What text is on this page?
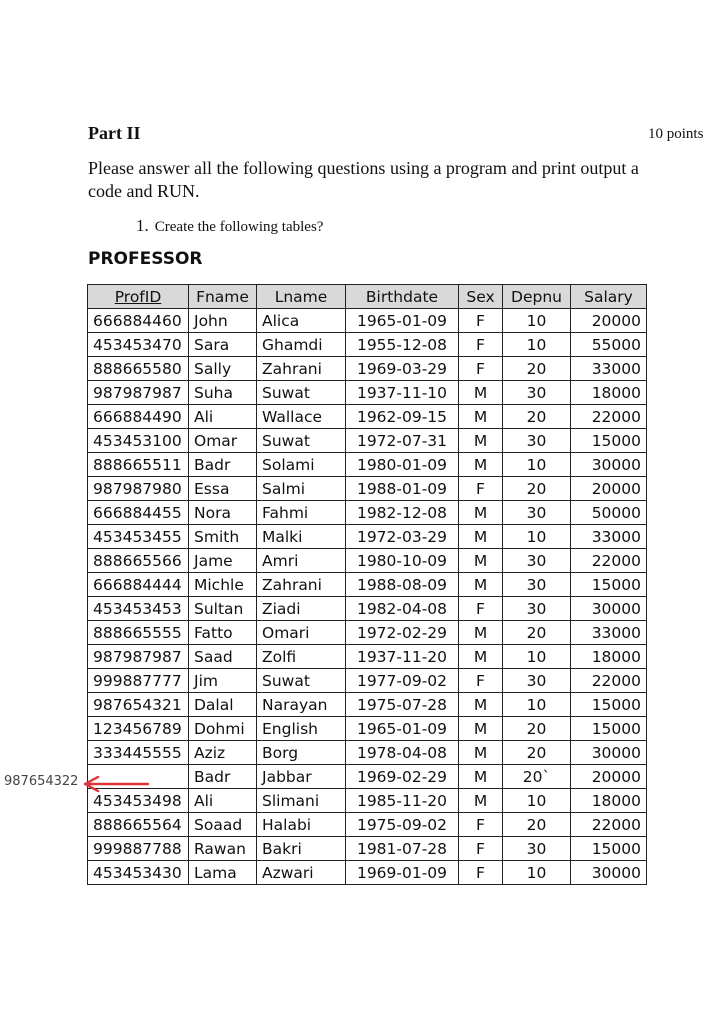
Part II	10 points
Please answer all the following questions using a program and print output a code and RUN.
1. Create the following tables?
PROFESSOR
ProfID	Fname	Lname	Birthdate	Sex	Depnu	Salary
666884460	John	Alica	1965-01-09	F	10	20000
453453470	Sara	Ghamdi	1955-12-08	F	10	55000
888665580	Sally	Zahrani	1969-03-29	F	20	33000
987987987	Suha	Suwat	1937-11-10	M	30	18000
666884490	Ali	Wallace	1962-09-15	M	20	22000
453453100	Omar	Suwat	1972-07-31	M	30	15000
888665511	Badr	Solami	1980-01-09	M	10	30000
987987980	Essa	Salmi	1988-01-09	F	20	20000
666884455	Nora	Fahmi	1982-12-08	M	30	50000
453453455	Smith	Malki	1972-03-29	M	10	33000
888665566	Jame	Amri	1980-10-09	M	30	22000
666884444	Michle	Zahrani	1988-08-09	M	30	15000
453453453	Sultan	Ziadi	1982-04-08	F	30	30000
888665555	Fatto	Omari	1972-02-29	M	20	33000
987987987	Saad	Zolfi	1937-11-20	M	10	18000
999887777	Jim	Suwat	1977-09-02	F	30	22000
987654321	Dalal	Narayan	1975-07-28	M	10	15000
123456789	Dohmi	English	1965-01-09	M	20	15000
333445555	Aziz	Borg	1978-04-08	M	20	30000
	Badr	Jabbar	1969-02-29	M	20`	20000
453453498	Ali	Slimani	1985-11-20	M	10	18000
888665564	Soaad	Halabi	1975-09-02	F	20	22000
999887788	Rawan	Bakri	1981-07-28	F	30	15000
453453430	Lama	Azwari	1969-01-09	F	10	30000
987654322
